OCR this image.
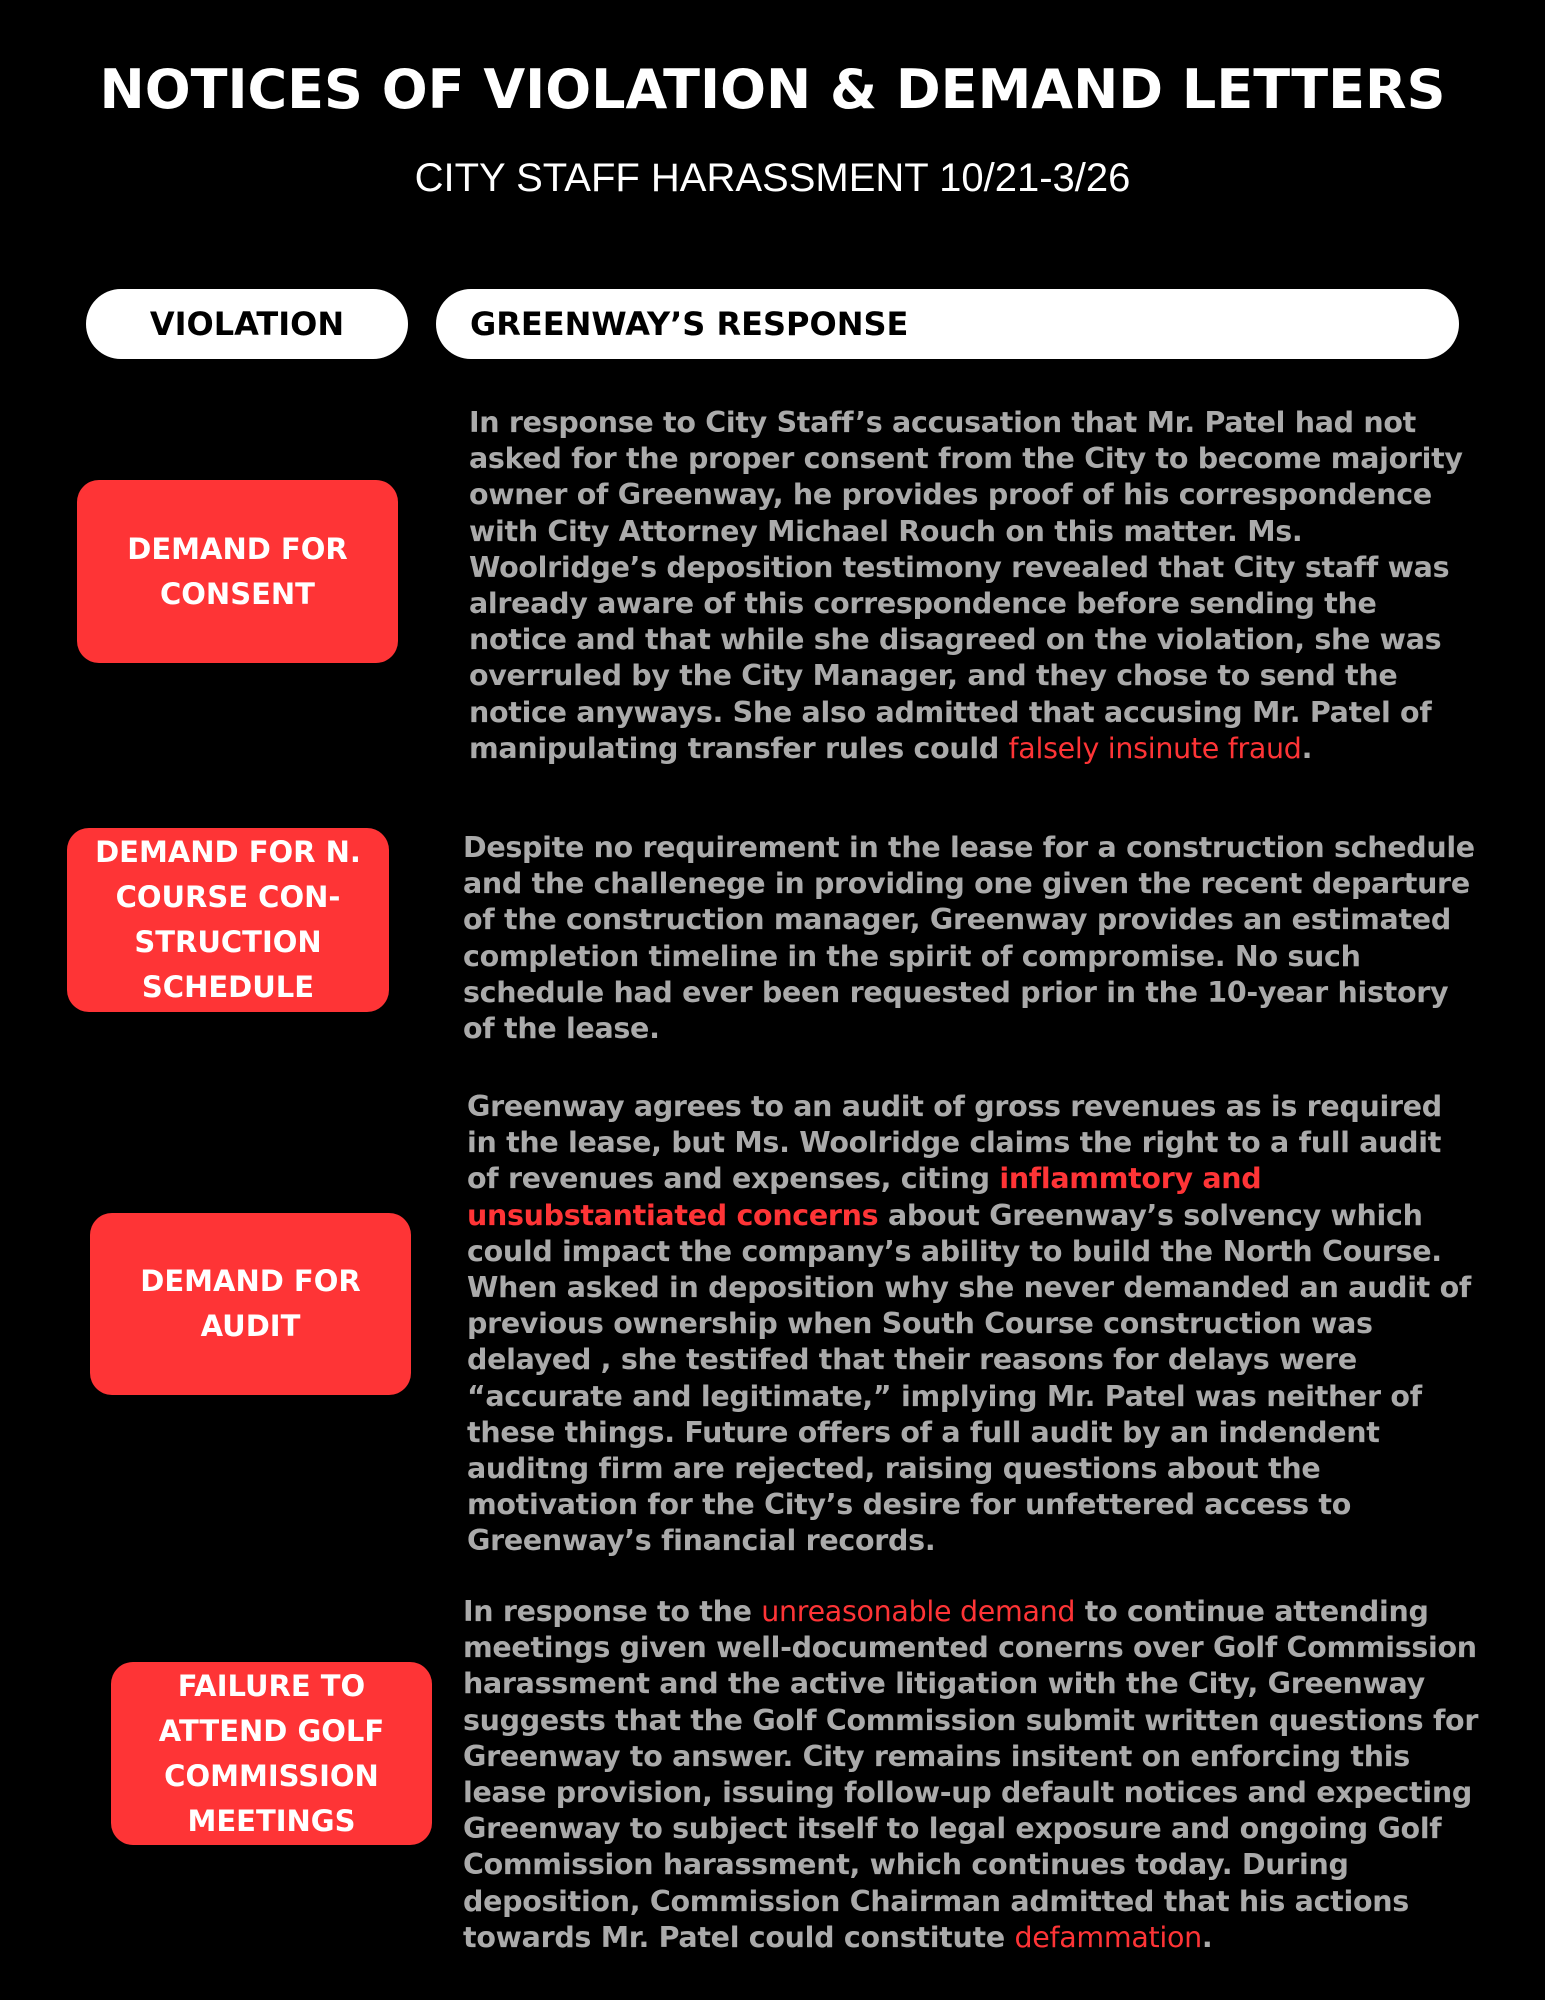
NOTICES OF VIOLATION & DEMAND LETTERS
CITY STAFF HARASSMENT 10/21-3/26
VIOLATION	GREENWAY’S RESPONSE
DEMAND FOR
CONSENT
In response to City Staff’s accusation that Mr. Patel had not asked for the proper consent from the City to become majority owner of Greenway, he provides proof of his correspondence with City Attorney Michael Rouch on this matter. Ms. Woolridge’s deposition testimony revealed that City staff was already aware of this correspondence before sending the notice and that while she disagreed on the violation, she was overruled by the City Manager, and they chose to send the notice anyways. She also admitted that accusing Mr. Patel of manipulating transfer rules could falsely insinute fraud.
DEMAND FOR N.
COURSE CON-
STRUCTION
SCHEDULE
Despite no requirement in the lease for a construction schedule and the challenege in providing one given the recent departure of the construction manager, Greenway provides an estimated completion timeline in the spirit of compromise. No such schedule had ever been requested prior in the 10-year history of the lease.
DEMAND FOR
AUDIT
Greenway agrees to an audit of gross revenues as is required in the lease, but Ms. Woolridge claims the right to a full audit of revenues and expenses, citing inflammtory and unsubstantiated concerns about Greenway’s solvency which could impact the company’s ability to build the North Course. When asked in deposition why she never demanded an audit of previous ownership when South Course construction was delayed , she testifed that their reasons for delays were “accurate and legitimate,” implying Mr. Patel was neither of these things. Future offers of a full audit by an indendent auditng firm are rejected, raising questions about the motivation for the City’s desire for unfettered access to Greenway’s financial records.
FAILURE TO
ATTEND GOLF
COMMISSION
MEETINGS
In response to the unreasonable demand to continue attending meetings given well-documented conerns over Golf Commission harassment and the active litigation with the City, Greenway suggests that the Golf Commission submit written questions for Greenway to answer. City remains insitent on enforcing this lease provision, issuing follow-up default notices and expecting Greenway to subject itself to legal exposure and ongoing Golf Commission harassment, which continues today. During deposition, Commission Chairman admitted that his actions towards Mr. Patel could constitute defammation.
